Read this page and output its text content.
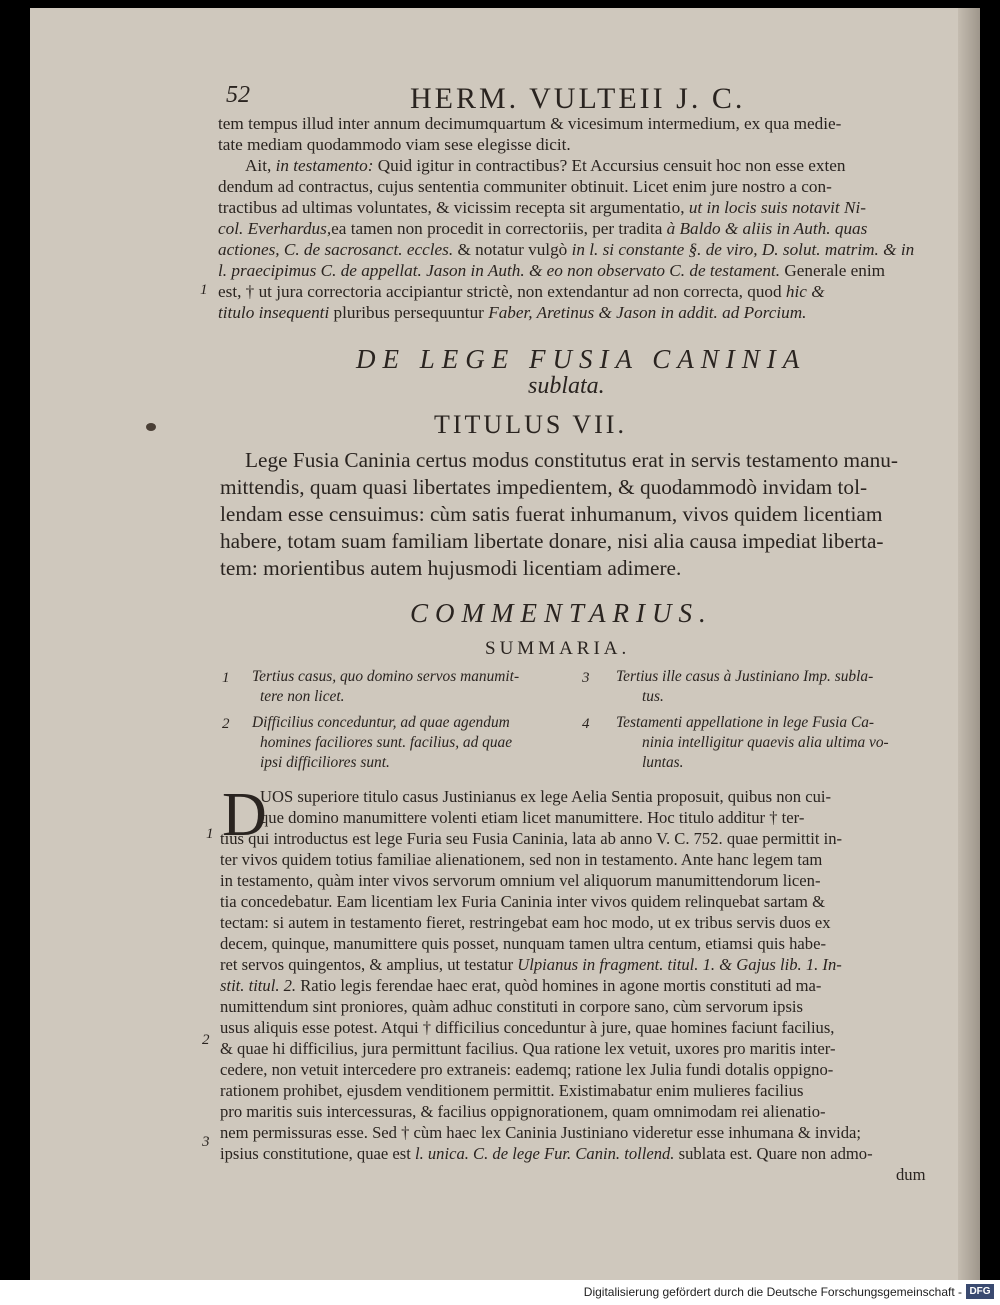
52	HERM. VULTEII J. C.
tem tempus illud inter annum decimumquartum & vicesimum intermedium, ex qua medie-
tate mediam quodammodo viam sese elegisse dicit.
Ait, in testamento: Quid igitur in contractibus? Et Accursius censuit hoc non esse exten
dendum ad contractus, cujus sententia communiter obtinuit. Licet enim jure nostro a con-
tractibus ad ultimas voluntates, & vicissim recepta sit argumentatio, ut in locis suis notavit Ni-
col. Everhardus,ea tamen non procedit in correctoriis, per tradita à Baldo & aliis in Auth. quas
actiones, C. de sacrosanct. eccles. & notatur vulgò in l. si constante §. de viro, D. solut. matrim. & in
l. praecipimus C. de appellat. Jason in Auth. & eo non observato C. de testament. Generale enim
1 est, † ut jura correctoria accipiantur strictè, non extendantur ad non correcta, quod hic &
titulo insequenti pluribus persequuntur Faber, Aretinus & Jason in addit. ad Porcium.
DE LEGE FUSIA CANINIA
sublata.
TITULUS VII.
Lege Fusia Caninia certus modus constitutus erat in servis testamento manu-
mittendis, quam quasi libertates impedientem, & quodammodò invidam tol-
lendam esse censuimus: cùm satis fuerat inhumanum, vivos quidem licentiam
habere, totam suam familiam libertate donare, nisi alia causa impediat liberta-
tem: morientibus autem hujusmodi licentiam adimere.
COMMENTARIUS.
SUMMARIA.
1 Tertius casus, quo domino servos manumit-
tere non licet.
2 Difficilius conceduntur, ad quae agendum
homines faciliores sunt. facilius, ad quae
ipsi difficiliores sunt.
3 Tertius ille casus à Justiniano Imp. subla-
tus.
4 Testamenti appellatione in lege Fusia Ca-
ninia intelligitur quaevis alia ultima vo-
luntas.
D
UOS superiore titulo casus Justinianus ex lege Aelia Sentia proposuit, quibus non cui-
que domino manumittere volenti etiam licet manumittere. Hoc titulo additur † ter-
1 tius qui introductus est lege Furia seu Fusia Caninia, lata ab anno V. C. 752. quae permittit in-
ter vivos quidem totius familiae alienationem, sed non in testamento. Ante hanc legem tam
in testamento, quàm inter vivos servorum omnium vel aliquorum manumittendorum licen-
tia concedebatur. Eam licentiam lex Furia Caninia inter vivos quidem relinquebat sartam &
tectam: si autem in testamento fieret, restringebat eam hoc modo, ut ex tribus servis duos ex
decem, quinque, manumittere quis posset, nunquam tamen ultra centum, etiamsi quis habe-
ret servos quingentos, & amplius, ut testatur Ulpianus in fragment. titul. 1. & Gajus lib. 1. In-
stit. titul. 2. Ratio legis ferendae haec erat, quòd homines in agone mortis constituti ad ma-
numittendum sint proniores, quàm adhuc constituti in corpore sano, cùm servorum ipsis
2
usus aliquis esse potest. Atqui † difficilius conceduntur à jure, quae homines faciunt facilius,
& quae hi difficilius, jura permittunt facilius. Qua ratione lex vetuit, uxores pro maritis inter-
cedere, non vetuit intercedere pro extraneis: eademq; ratione lex Julia fundi dotalis oppigno-
rationem prohibet, ejusdem venditionem permittit. Existimabatur enim mulieres facilius
pro maritis suis intercessuras, & facilius oppignorationem, quam omnimodam rei alienatio-
3 nem permissuras esse. Sed † cùm haec lex Caninia Justiniano videretur esse inhumana & invida;
ipsius constitutione, quae est l. unica. C. de lege Fur. Canin. tollend. sublata est. Quare non admo-
dum
Digitalisierung gefördert durch die Deutsche Forschungsgemeinschaft - DFG
